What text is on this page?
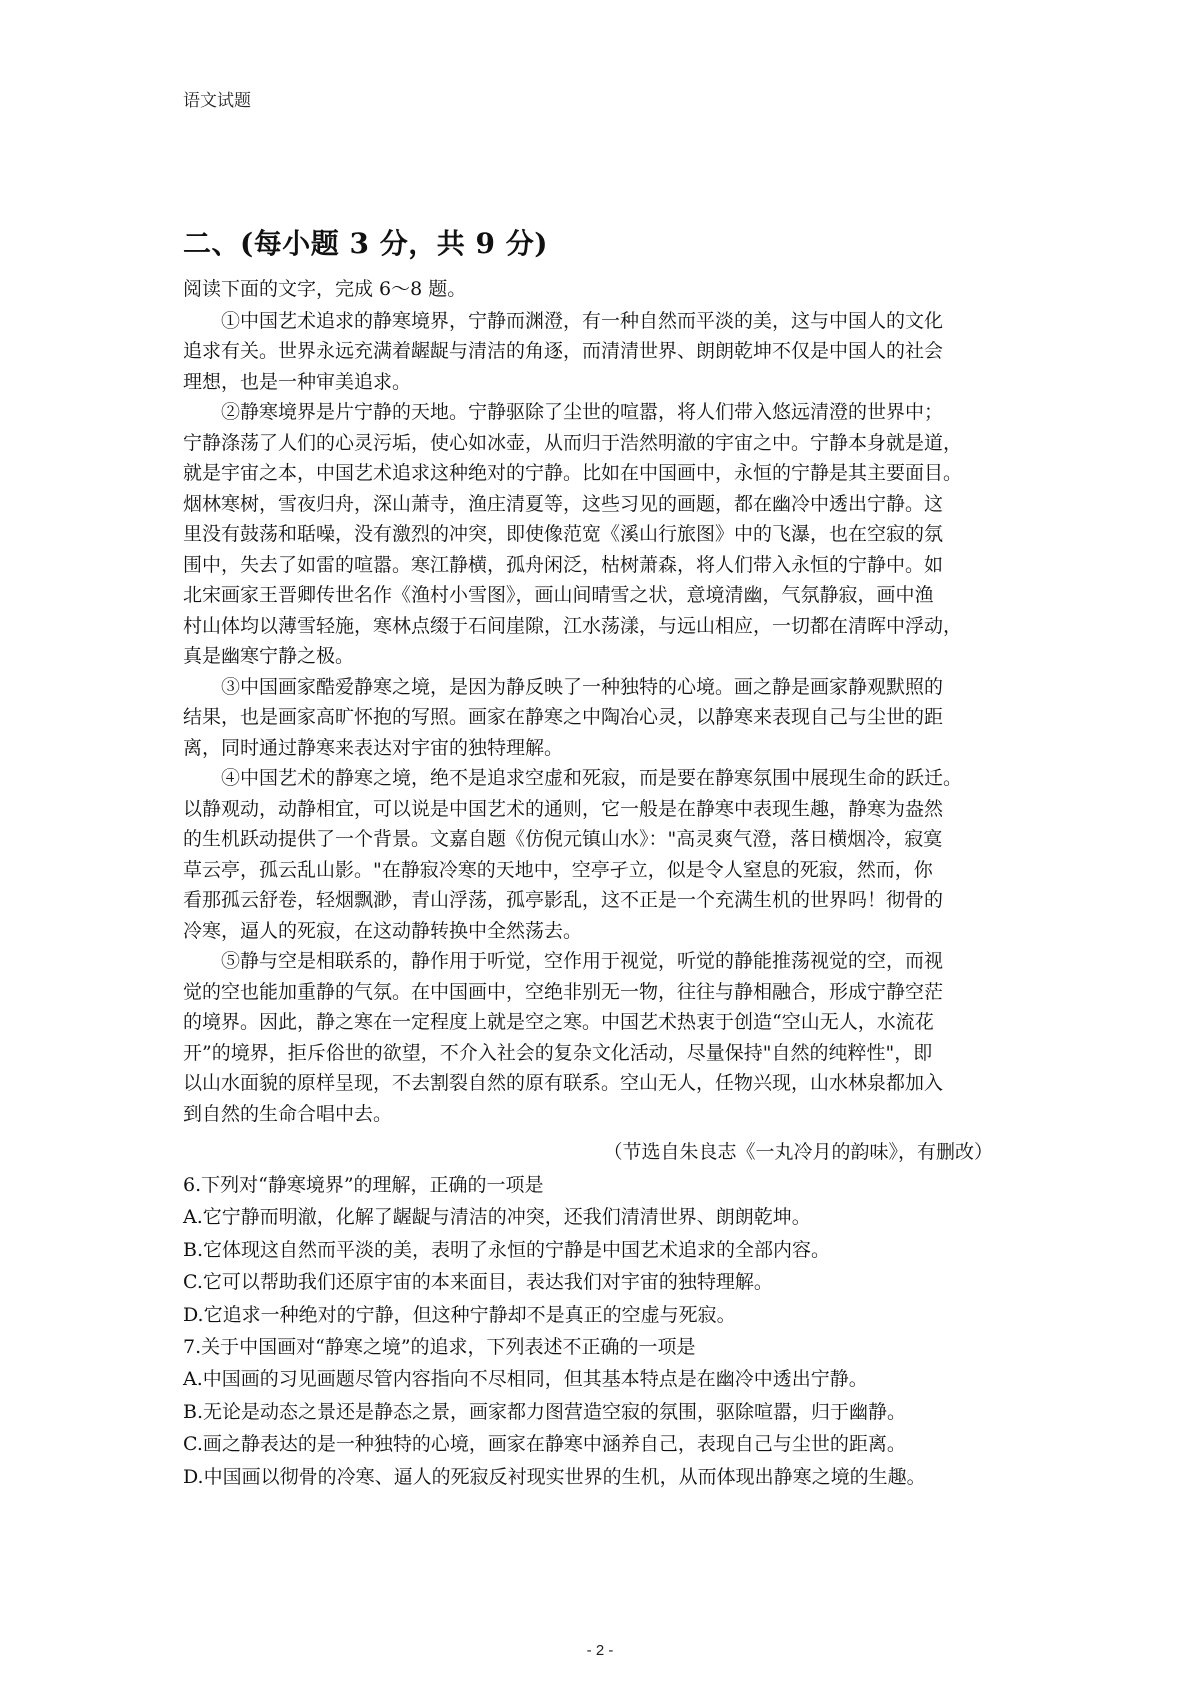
语文试题
二、(每小题 3 分，共 9 分)
阅读下面的文字，完成 6～8 题。
①中国艺术追求的静寒境界，宁静而渊澄，有一种自然而平淡的美，这与中国人的文化
追求有关。世界永远充满着龌龊与清洁的角逐，而清清世界、朗朗乾坤不仅是中国人的社会
理想，也是一种审美追求。
②静寒境界是片宁静的天地。宁静驱除了尘世的喧嚣，将人们带入悠远清澄的世界中；
宁静涤荡了人们的心灵污垢，使心如冰壶，从而归于浩然明澈的宇宙之中。宁静本身就是道，
就是宇宙之本，中国艺术追求这种绝对的宁静。比如在中国画中，永恒的宁静是其主要面目。
烟林寒树，雪夜归舟，深山萧寺，渔庄清夏等，这些习见的画题，都在幽冷中透出宁静。这
里没有鼓荡和聒噪，没有激烈的冲突，即使像范宽《溪山行旅图》中的飞瀑，也在空寂的氛
围中，失去了如雷的喧嚣。寒江静横，孤舟闲泛，枯树萧森，将人们带入永恒的宁静中。如
北宋画家王晋卿传世名作《渔村小雪图》，画山间晴雪之状，意境清幽，气氛静寂，画中渔
村山体均以薄雪轻施，寒林点缀于石间崖隙，江水荡漾，与远山相应，一切都在清晖中浮动，
真是幽寒宁静之极。
③中国画家酷爱静寒之境，是因为静反映了一种独特的心境。画之静是画家静观默照的
结果，也是画家高旷怀抱的写照。画家在静寒之中陶冶心灵，以静寒来表现自己与尘世的距
离，同时通过静寒来表达对宇宙的独特理解。
④中国艺术的静寒之境，绝不是追求空虚和死寂，而是要在静寒氛围中展现生命的跃迁。
以静观动，动静相宜，可以说是中国艺术的通则，它一般是在静寒中表现生趣，静寒为盎然
的生机跃动提供了一个背景。文嘉自题《仿倪元镇山水》："高灵爽气澄，落日横烟冷，寂寞
草云亭，孤云乱山影。"在静寂冷寒的天地中，空亭孑立，似是令人窒息的死寂，然而，你
看那孤云舒卷，轻烟飘渺，青山浮荡，孤亭影乱，这不正是一个充满生机的世界吗！彻骨的
冷寒，逼人的死寂，在这动静转换中全然荡去。
⑤静与空是相联系的，静作用于听觉，空作用于视觉，听觉的静能推荡视觉的空，而视
觉的空也能加重静的气氛。在中国画中，空绝非别无一物，往往与静相融合，形成宁静空茫
的境界。因此，静之寒在一定程度上就是空之寒。中国艺术热衷于创造“空山无人，水流花
开”的境界，拒斥俗世的欲望，不介入社会的复杂文化活动，尽量保持"自然的纯粹性"，即
以山水面貌的原样呈现，不去割裂自然的原有联系。空山无人，任物兴现，山水林泉都加入
到自然的生命合唱中去。
（节选自朱良志《一丸冷月的韵味》，有删改）
6.下列对“静寒境界”的理解，正确的一项是
A.它宁静而明澈，化解了龌龊与清洁的冲突，还我们清清世界、朗朗乾坤。
B.它体现这自然而平淡的美，表明了永恒的宁静是中国艺术追求的全部内容。
C.它可以帮助我们还原宇宙的本来面目，表达我们对宇宙的独特理解。
D.它追求一种绝对的宁静，但这种宁静却不是真正的空虚与死寂。
7.关于中国画对“静寒之境”的追求，下列表述不正确的一项是
A.中国画的习见画题尽管内容指向不尽相同，但其基本特点是在幽冷中透出宁静。
B.无论是动态之景还是静态之景，画家都力图营造空寂的氛围，驱除喧嚣，归于幽静。
C.画之静表达的是一种独特的心境，画家在静寒中涵养自己，表现自己与尘世的距离。
D.中国画以彻骨的冷寒、逼人的死寂反衬现实世界的生机，从而体现出静寒之境的生趣。
- 2 -
